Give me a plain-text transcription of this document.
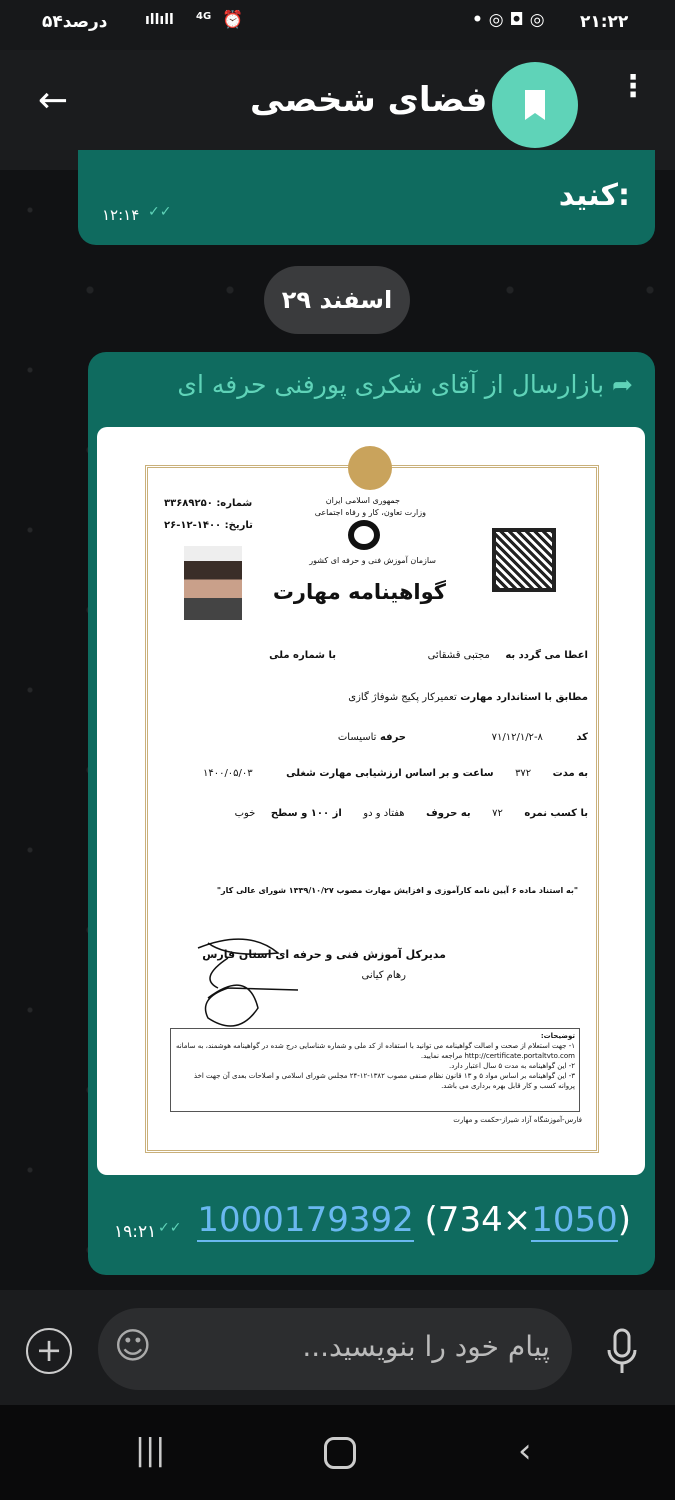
۵۴درصد	ıllıll 4G ⏰	• ◎ ◘ ◎ ۲۱:۲۲
←	فضای شخصی	⋮
کنید:
۱۲:۱۴ ✓✓
۲۹ اسفند
➦ بازارسال از آقای شکری پورفنی حرفه ای
جمهوری اسلامی ایران
وزارت تعاون، کار و رفاه اجتماعی
سازمان آموزش فنی و حرفه ای کشور
شماره: ۳۳۶۸۹۲۵۰
تاریخ: ۱۴۰۰-۱۲-۲۶
گواهینامه مهارت
اعطا می گردد به مجتبی قشقائی
با شماره ملی
مطابق با استاندارد مهارت تعمیرکار پکیج شوفاژ گازی
کد ۸-۷۱/۱۲/۱/۲
حرفه تاسیسات
به مدت ۳۷۲ ساعت و بر اساس ارزشیابی مهارت شغلی ۱۴۰۰/۰۵/۰۳
با کسب نمره ۷۲ به حروف هفتاد و دو از ۱۰۰ و سطح خوب
"به استناد ماده ۶ آیین نامه کارآموزی و افزایش مهارت مصوب ۱۳۳۹/۱۰/۲۷ شورای عالی کار"
مدیرکل آموزش فنی و حرفه ای استان فارس
رهام کیانی
توضیحات:
۱- جهت استعلام از صحت و اصالت گواهینامه می توانید با استفاده از کد ملی و شماره شناسایی درج شده در گواهینامه هوشمند، به سامانه http://certificate.portaltvto.com مراجعه نمایید.
۲- این گواهینامه به مدت ۵ سال اعتبار دارد.
۳- این گواهینامه بر اساس مواد ۵ و ۱۳ قانون نظام صنفی مصوب ۱۳۸۲-۱۲-۲۴ مجلس شورای اسلامی و اصلاحات بعدی آن جهت اخذ پروانه کسب و کار قابل بهره برداری می باشد.
فارس-آموزشگاه آزاد شیراز-حکمت و مهارت
۱۹:۲۱ ✓✓ 1000179392 (734×1050)
+ ☺	پیام خود را بنویسید...
|||	‹
